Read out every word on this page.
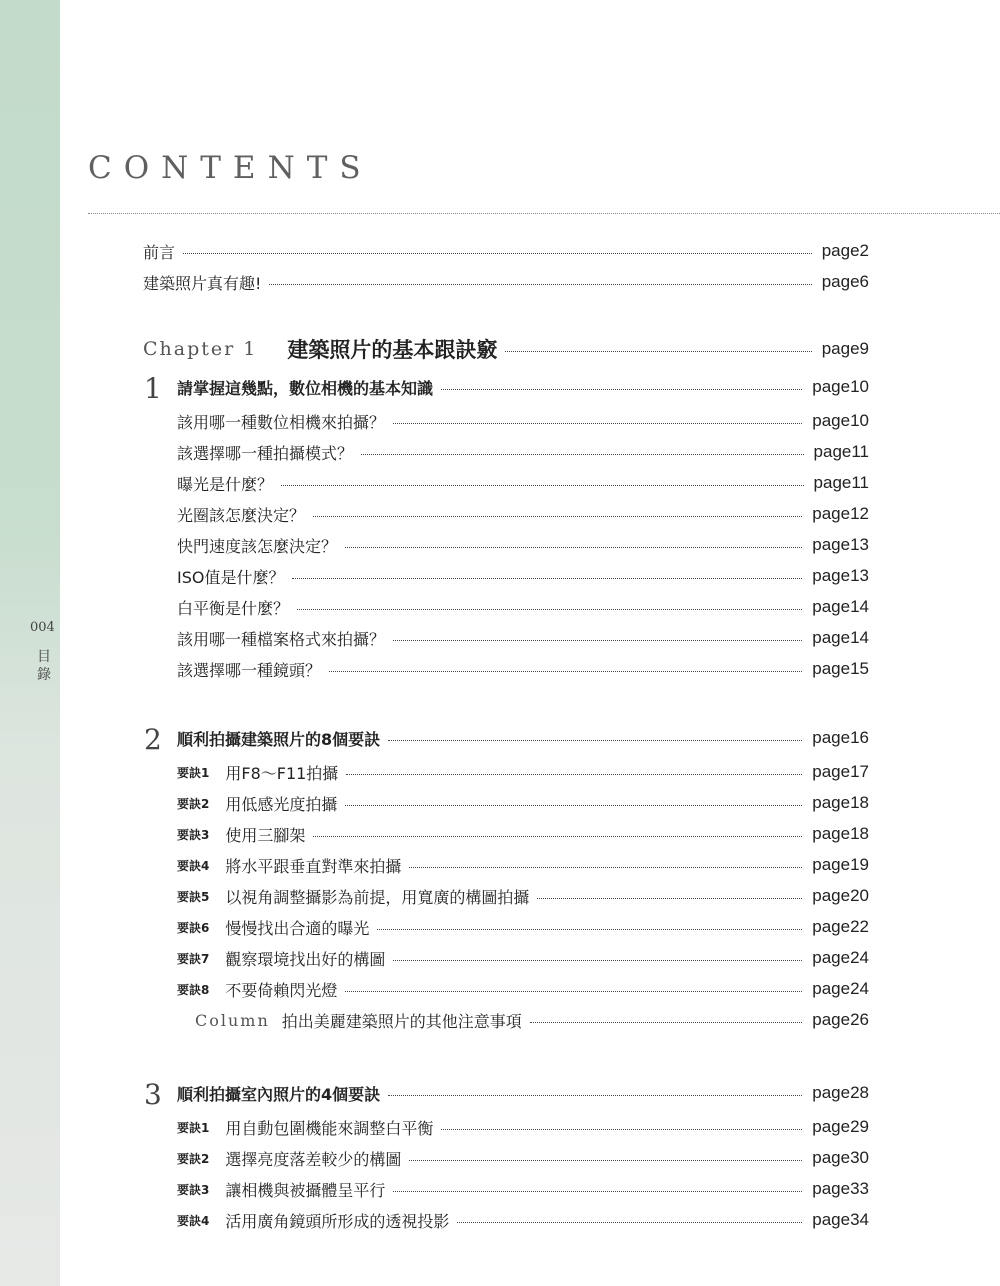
004
目錄
CONTENTS
前言	page2
建築照片真有趣!	page6
Chapter 1 建築照片的基本跟訣竅	page9
1 請掌握這幾點，數位相機的基本知識	page10
該用哪一種數位相機來拍攝？	page10
該選擇哪一種拍攝模式？	page11
曝光是什麼？	page11
光圈該怎麼決定？	page12
快門速度該怎麼決定？	page13
ISO值是什麼？	page13
白平衡是什麼？	page14
該用哪一種檔案格式來拍攝？	page14
該選擇哪一種鏡頭？	page15
2 順利拍攝建築照片的8個要訣	page16
要訣1 用F8～F11拍攝	page17
要訣2 用低感光度拍攝	page18
要訣3 使用三腳架	page18
要訣4 將水平跟垂直對準來拍攝	page19
要訣5 以視角調整攝影為前提，用寬廣的構圖拍攝	page20
要訣6 慢慢找出合適的曝光	page22
要訣7 觀察環境找出好的構圖	page24
要訣8 不要倚賴閃光燈	page24
Column 拍出美麗建築照片的其他注意事項	page26
3 順利拍攝室內照片的4個要訣	page28
要訣1 用自動包圍機能來調整白平衡	page29
要訣2 選擇亮度落差較少的構圖	page30
要訣3 讓相機與被攝體呈平行	page33
要訣4 活用廣角鏡頭所形成的透視投影	page34
